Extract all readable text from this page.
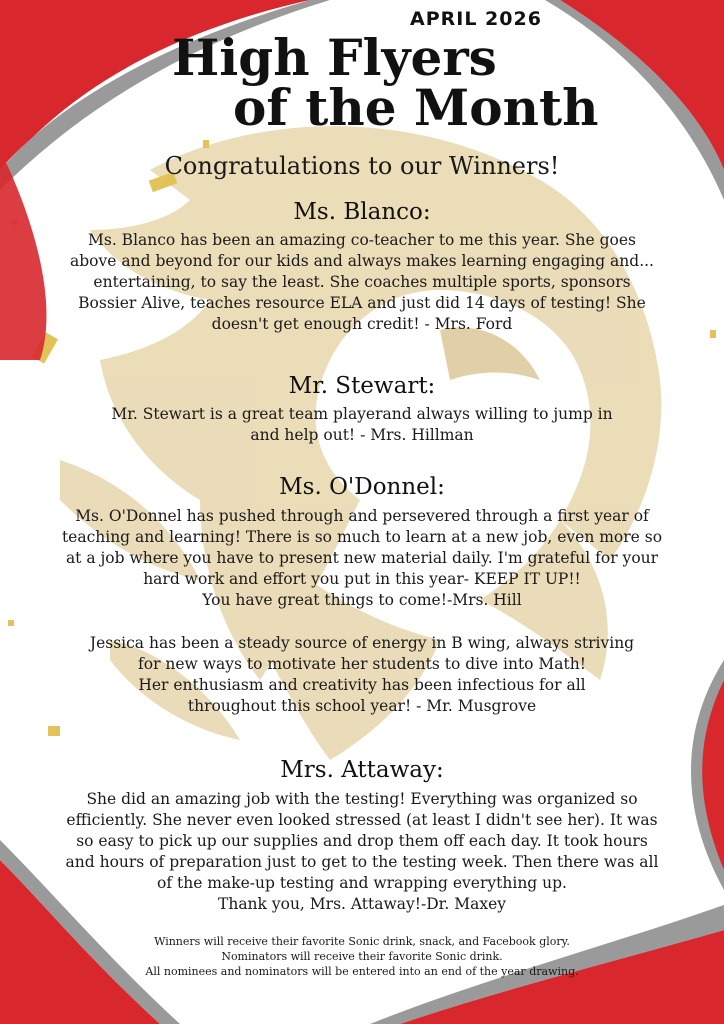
APRIL 2026
High Flyers
of the Month
Congratulations to our Winners!
Ms. Blanco:
Ms. Blanco has been an amazing co-teacher to me this year. She goes
above and beyond for our kids and always makes learning engaging and...
entertaining, to say the least. She coaches multiple sports, sponsors
Bossier Alive, teaches resource ELA and just did 14 days of testing! She
doesn't get enough credit! - Mrs. Ford
Mr. Stewart:
Mr. Stewart is a great team playerand always willing to jump in
and help out! - Mrs. Hillman
Ms. O'Donnel:
Ms. O'Donnel has pushed through and persevered through a first year of
teaching and learning! There is so much to learn at a new job, even more so
at a job where you have to present new material daily. I'm grateful for your
hard work and effort you put in this year- KEEP IT UP!!
You have great things to come!-Mrs. Hill
Jessica has been a steady source of energy in B wing, always striving
for new ways to motivate her students to dive into Math!
Her enthusiasm and creativity has been infectious for all
throughout this school year! - Mr. Musgrove
Mrs. Attaway:
She did an amazing job with the testing! Everything was organized so
efficiently. She never even looked stressed (at least I didn't see her). It was
so easy to pick up our supplies and drop them off each day. It took hours
and hours of preparation just to get to the testing week. Then there was all
of the make-up testing and wrapping everything up.
Thank you, Mrs. Attaway!-Dr. Maxey
Winners will receive their favorite Sonic drink, snack, and Facebook glory.
Nominators will receive their favorite Sonic drink.
All nominees and nominators will be entered into an end of the year drawing.
